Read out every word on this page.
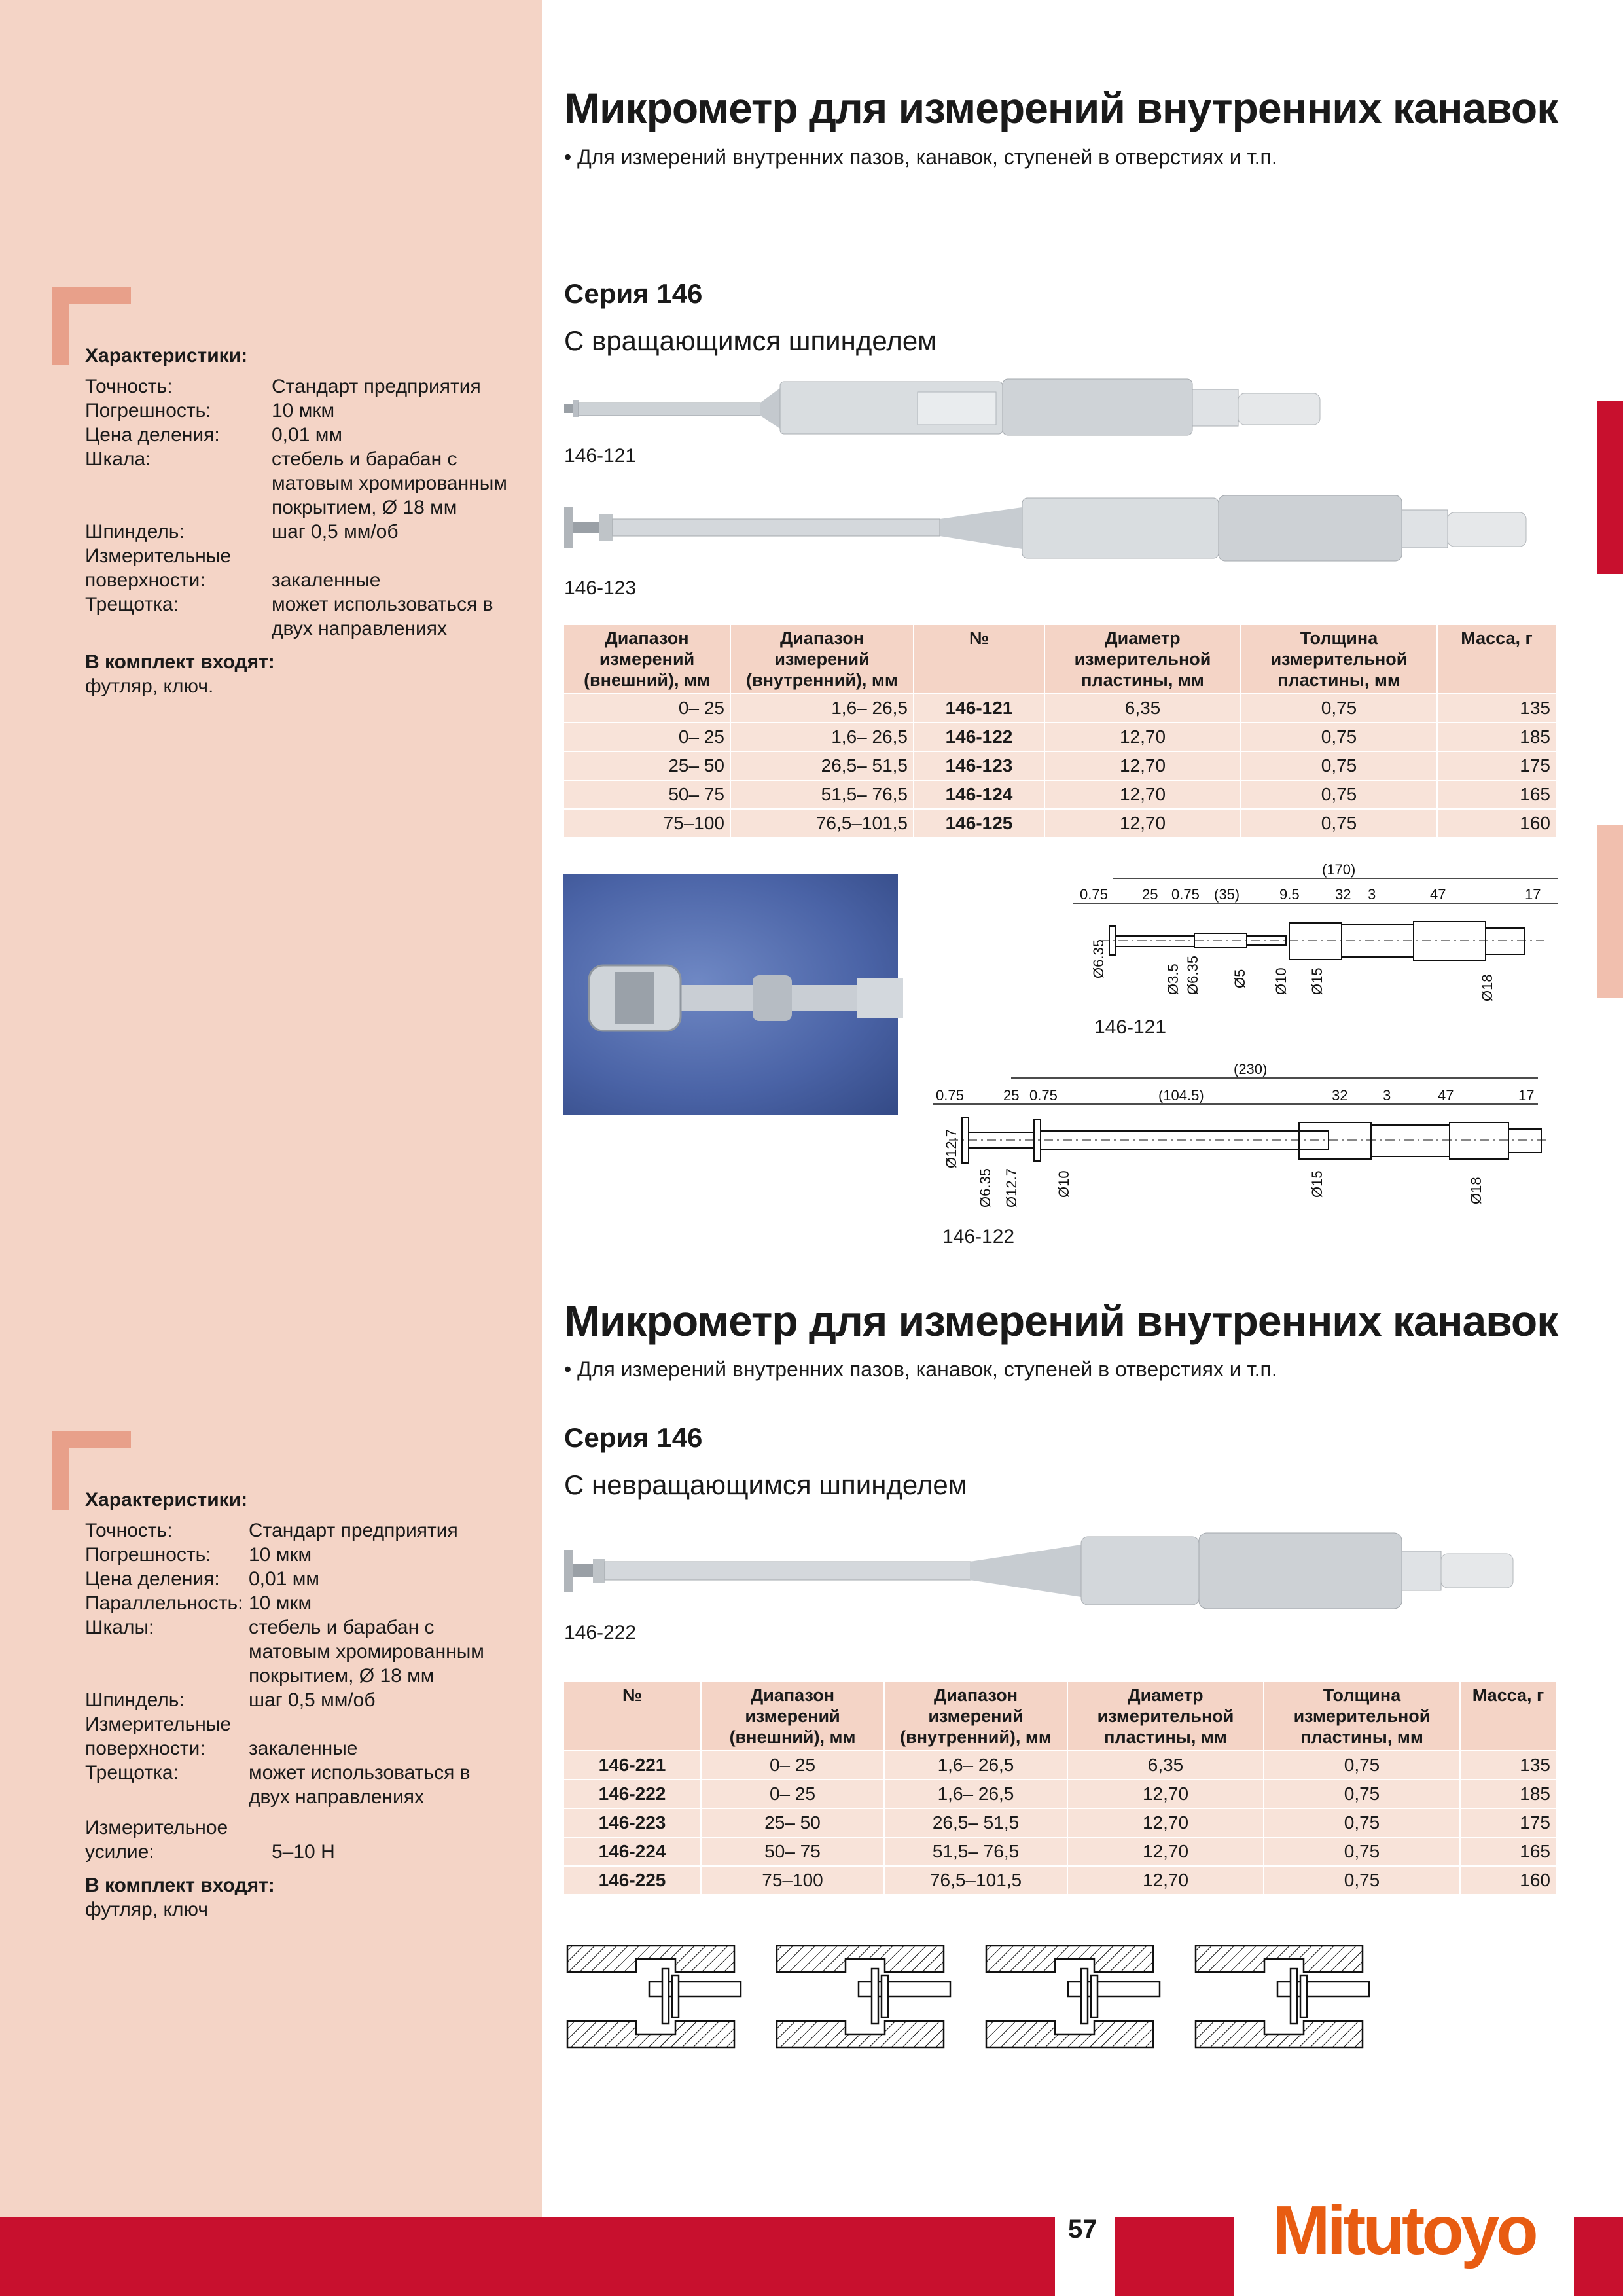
Характеристики:
Точность:	Стандарт предприятия
Погрешность:	10 мкм
Цена деления:	0,01 мм
Шкала:	стебель и барабан с матовым хромированным покрытием, Ø 18 мм
Шпиндель:	шаг 0,5 мм/об
Измерительные поверхности:	закаленные
Трещотка:	может использоваться в двух направлениях
В комплект входят:
футляр, ключ.
Характеристики:
Точность:	Стандарт предприятия
Погрешность:	10 мкм
Цена деления:	0,01 мм
Параллельность: 10 мкм
Шкалы:	стебель и барабан с матовым хромированным покрытием, Ø 18 мм
Шпиндель:	шаг 0,5 мм/об
Измерительные поверхности:	закаленные
Трещотка:	может использоваться в двух направлениях
Измерительное усилие:	5–10 Н
В комплект входят:
футляр, ключ
Микрометр для измерений внутренних канавок
• Для измерений внутренних пазов, канавок, ступеней в отверстиях и т.п.
Серия 146
С вращающимся шпинделем
146-121
146-123
Диапазон измерений (внешний), мм	Диапазон измерений (внутренний), мм	№	Диаметр измерительной пластины, мм	Толщина измерительной пластины, мм	Масса, г
0– 25	1,6– 26,5	146-121	6,35	0,75	135
0– 25	1,6– 26,5	146-122	12,70	0,75	185
25– 50	26,5– 51,5	146-123	12,70	0,75	175
50– 75	51,5– 76,5	146-124	12,70	0,75	165
75–100	76,5–101,5	146-125	12,70	0,75	160
(170)
0.75 25 0.75 (35)	9.5 32 3	47	17
Ø6.35
Ø3.5 Ø6.35 Ø5 Ø10 Ø15	Ø18
146-121
(230)
0.75	25 0.75	(104.5)	32 3	47	17
Ø12.7
Ø6.35 Ø12.7	Ø10	Ø15	Ø18
146-122
Микрометр для измерений внутренних канавок
• Для измерений внутренних пазов, канавок, ступеней в отверстиях и т.п.
Серия 146
С невращающимся шпинделем
146-222
№	Диапазон измерений (внешний), мм	Диапазон измерений (внутренний), мм	Диаметр измерительной пластины, мм	Толщина измерительной пластины, мм	Масса, г
146-221	0– 25	1,6– 26,5	6,35	0,75	135
146-222	0– 25	1,6– 26,5	12,70	0,75	185
146-223	25– 50	26,5– 51,5	12,70	0,75	175
146-224	50– 75	51,5– 76,5	12,70	0,75	165
146-225	75–100	76,5–101,5	12,70	0,75	160
57	Mitutoyo
